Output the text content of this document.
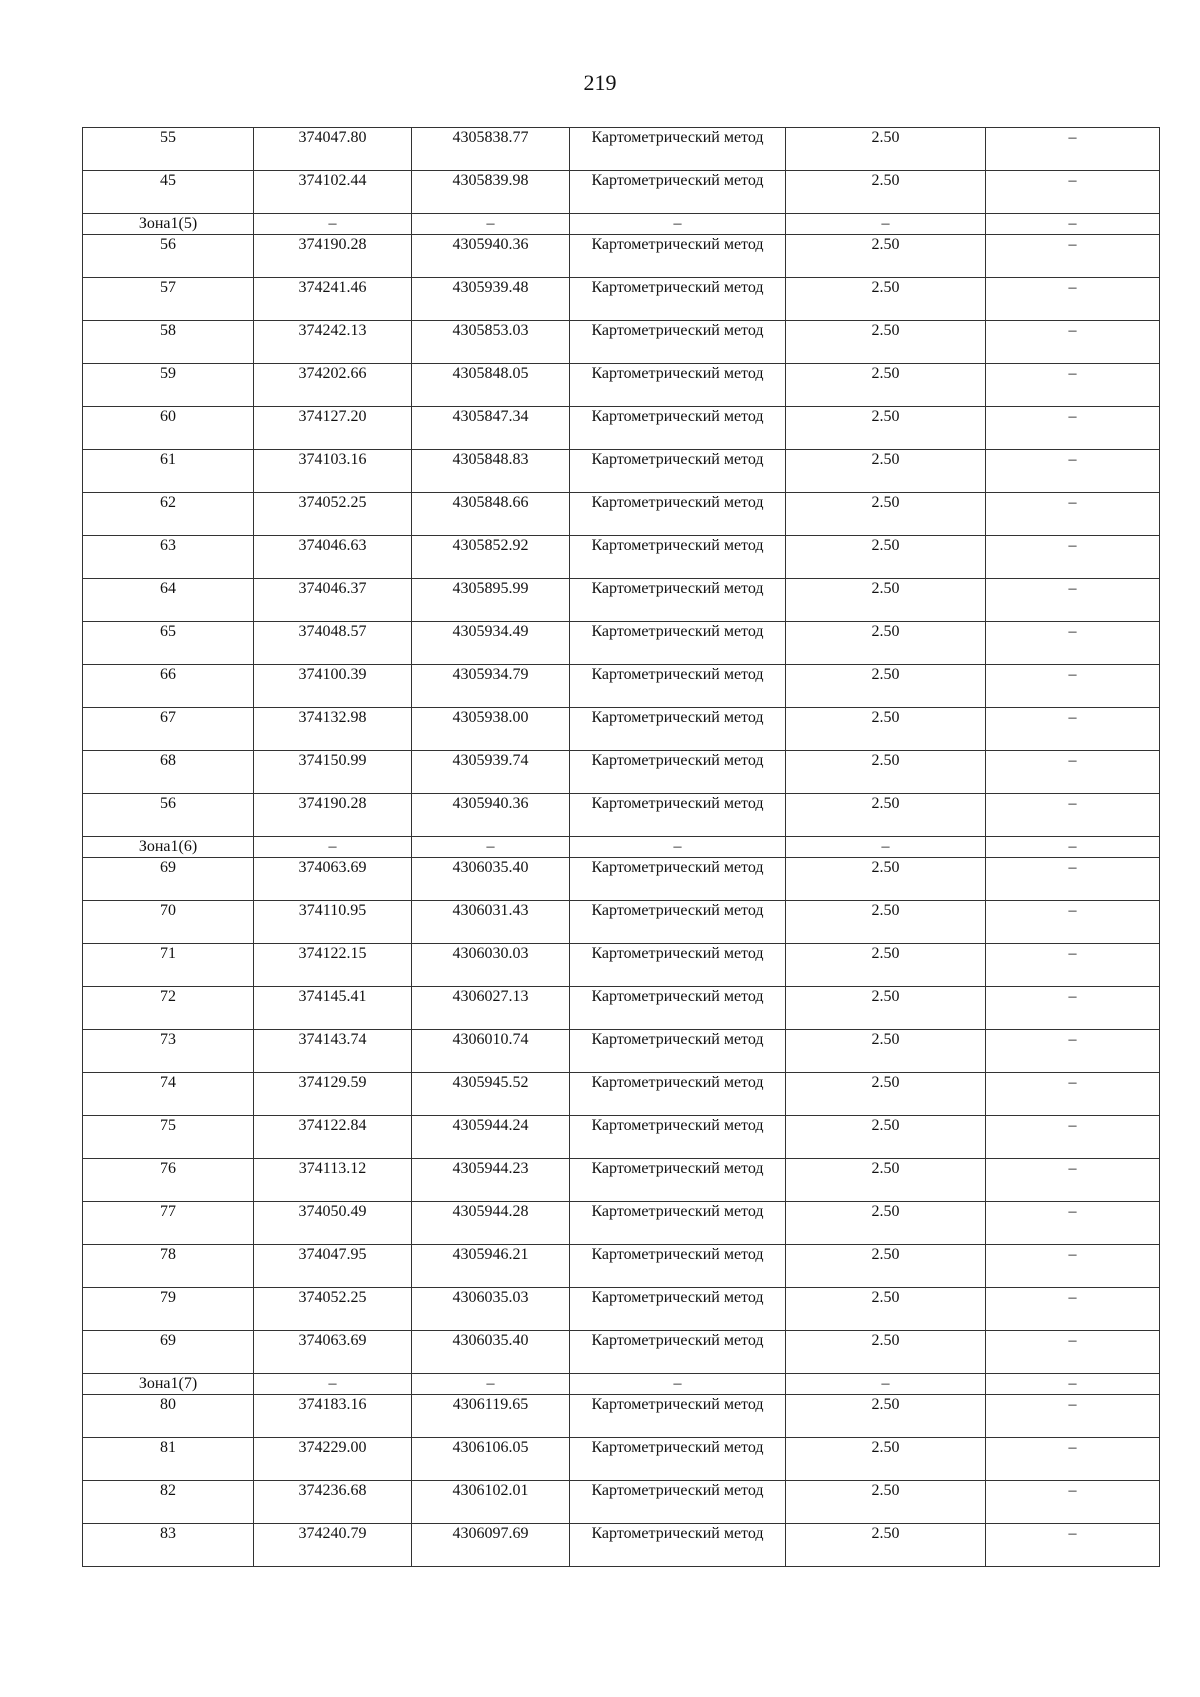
219
55	374047.80	4305838.77	Картометрический метод	2.50	–
45	374102.44	4305839.98	Картометрический метод	2.50	–
Зона1(5)	–	–	–	–	–
56	374190.28	4305940.36	Картометрический метод	2.50	–
57	374241.46	4305939.48	Картометрический метод	2.50	–
58	374242.13	4305853.03	Картометрический метод	2.50	–
59	374202.66	4305848.05	Картометрический метод	2.50	–
60	374127.20	4305847.34	Картометрический метод	2.50	–
61	374103.16	4305848.83	Картометрический метод	2.50	–
62	374052.25	4305848.66	Картометрический метод	2.50	–
63	374046.63	4305852.92	Картометрический метод	2.50	–
64	374046.37	4305895.99	Картометрический метод	2.50	–
65	374048.57	4305934.49	Картометрический метод	2.50	–
66	374100.39	4305934.79	Картометрический метод	2.50	–
67	374132.98	4305938.00	Картометрический метод	2.50	–
68	374150.99	4305939.74	Картометрический метод	2.50	–
56	374190.28	4305940.36	Картометрический метод	2.50	–
Зона1(6)	–	–	–	–	–
69	374063.69	4306035.40	Картометрический метод	2.50	–
70	374110.95	4306031.43	Картометрический метод	2.50	–
71	374122.15	4306030.03	Картометрический метод	2.50	–
72	374145.41	4306027.13	Картометрический метод	2.50	–
73	374143.74	4306010.74	Картометрический метод	2.50	–
74	374129.59	4305945.52	Картометрический метод	2.50	–
75	374122.84	4305944.24	Картометрический метод	2.50	–
76	374113.12	4305944.23	Картометрический метод	2.50	–
77	374050.49	4305944.28	Картометрический метод	2.50	–
78	374047.95	4305946.21	Картометрический метод	2.50	–
79	374052.25	4306035.03	Картометрический метод	2.50	–
69	374063.69	4306035.40	Картометрический метод	2.50	–
Зона1(7)	–	–	–	–	–
80	374183.16	4306119.65	Картометрический метод	2.50	–
81	374229.00	4306106.05	Картометрический метод	2.50	–
82	374236.68	4306102.01	Картометрический метод	2.50	–
83	374240.79	4306097.69	Картометрический метод	2.50	–
